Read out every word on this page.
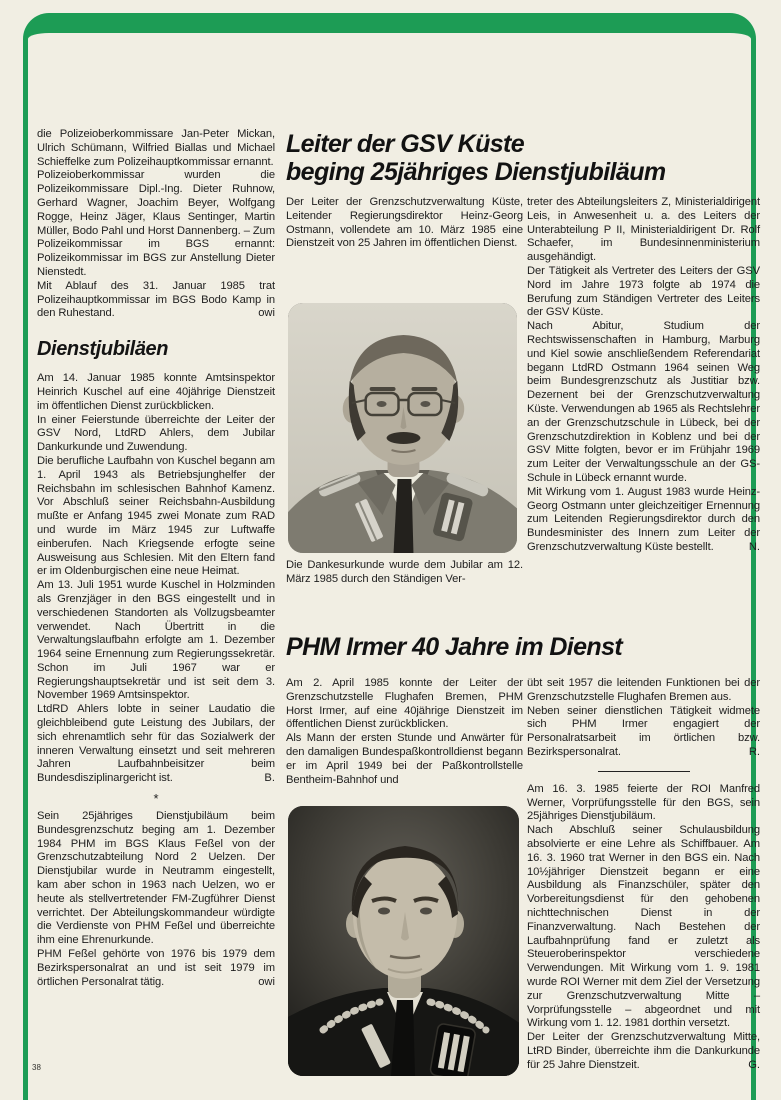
die Polizeioberkommissare Jan-Peter Mickan, Ulrich Schümann, Wilfried Biallas und Michael Schieffelke zum Polizeihauptkommissar ernannt.

Polizeioberkommissar wurden die Polizeikommissare Dipl.-Ing. Dieter Ruhnow, Gerhard Wagner, Joachim Beyer, Wolfgang Rogge, Heinz Jäger, Klaus Sentinger, Martin Müller, Bodo Pahl und Horst Dannenberg. – Zum Polizeikommissar im BGS ernannt: Polizeikommissar im BGS zur Anstellung Dieter Nienstedt.

Mit Ablauf des 31. Januar 1985 trat Polizeihauptkommissar im BGS Bodo Kamp in den Ruhestand.	owi
Dienstjubiläen

Am 14. Januar 1985 konnte Amtsinspektor Heinrich Kuschel auf eine 40jährige Dienstzeit im öffentlichen Dienst zurückblicken.

In einer Feierstunde überreichte der Leiter der GSV Nord, LtdRD Ahlers, dem Jubilar Dankurkunde und Zuwendung.

Die berufliche Laufbahn von Kuschel begann am 1. April 1943 als Betriebsjunghelfer der Reichsbahn im schlesischen Bahnhof Kamenz. Vor Abschluß seiner Reichsbahn-Ausbildung mußte er Anfang 1945 zwei Monate zum RAD und wurde im März 1945 zur Luftwaffe einberufen. Nach Kriegsende erfogte seine Ausweisung aus Schlesien. Mit den Eltern fand er im Oldenburgischen eine neue Heimat.

Am 13. Juli 1951 wurde Kuschel in Holzminden als Grenzjäger in den BGS eingestellt und in verschiedenen Standorten als Vollzugsbeamter verwendet. Nach Übertritt in die Verwaltungslaufbahn erfolgte am 1. Dezember 1964 seine Ernennung zum Regierungssekretär. Schon im Juli 1967 war er Regierungshauptsekretär und ist seit dem 3. November 1969 Amtsinspektor.

LtdRD Ahlers lobte in seiner Laudatio die gleichbleibend gute Leistung des Jubilars, der sich ehrenamtlich sehr für das Sozialwerk der inneren Verwaltung einsetzt und seit mehreren Jahren Laufbahnbeisitzer beim Bundesdisziplinargericht ist.	B.
*

Sein 25jähriges Dienstjubiläum beim Bundesgrenzschutz beging am 1. Dezember 1984 PHM im BGS Klaus Feßel von der Grenzschutzabteilung Nord 2 Uelzen. Der Dienstjubilar wurde in Neutramm eingestellt, kam aber schon in 1963 nach Uelzen, wo er heute als stellvertretender FM-Zugführer Dienst verrichtet. Der Abteilungskommandeur würdigte die Verdienste von PHM Feßel und überreichte ihm eine Ehrenurkunde.

PHM Feßel gehörte von 1976 bis 1979 dem Bezirkspersonalrat an und ist seit 1979 im örtlichen Personalrat tätig.	owi
Leiter der GSV Küste
beging 25jähriges Dienstjubiläum

Der Leiter der Grenzschutzverwaltung Küste, Leitender Regierungsdirektor Heinz-Georg Ostmann, vollendete am 10. März 1985 eine Dienstzeit von 25 Jahren im öffentlichen Dienst.

Die Dankesurkunde wurde dem Jubilar am 12. März 1985 durch den Ständigen Ver-

treter des Abteilungsleiters Z, Ministerialdirigent Leis, in Anwesenheit u. a. des Leiters der Unterabteilung P II, Ministerialdirigent Dr. Rolf Schaefer, im Bundesinnenministerium ausgehändigt.

Der Tätigkeit als Vertreter des Leiters der GSV Nord im Jahre 1973 folgte ab 1974 die Berufung zum Ständigen Vertreter des Leiters der GSV Küste.

Nach Abitur, Studium der Rechtswissenschaften in Hamburg, Marburg und Kiel sowie anschließendem Referendariat begann LtdRD Ostmann 1964 seinen Weg beim Bundesgrenzschutz als Justitiar bzw. Dezernent bei der Grenzschutzverwaltung Küste. Verwendungen ab 1965 als Rechtslehrer an der Grenzschutzschule in Lübeck, bei der Grenzschutzdirektion in Koblenz und bei der GSV Mitte folgten, bevor er im Frühjahr 1969 zum Leiter der Verwaltungsschule an der GS-Schule in Lübeck ernannt wurde.

Mit Wirkung vom 1. August 1983 wurde Heinz-Georg Ostmann unter gleichzeitiger Ernennung zum Leitenden Regierungsdirektor durch den Bundesminister des Innern zum Leiter der Grenzschutzverwaltung Küste bestellt.	N.
PHM Irmer 40 Jahre im Dienst

Am 2. April 1985 konnte der Leiter der Grenzschutzstelle Flughafen Bremen, PHM Horst Irmer, auf eine 40jährige Dienstzeit im öffentlichen Dienst zurückblicken.

Als Mann der ersten Stunde und Anwärter für den damaligen Bundespaßkontrolldienst begann er im April 1949 bei der Paßkontrollstelle Bentheim-Bahnhof und

übt seit 1957 die leitenden Funktionen bei der Grenzschutzstelle Flughafen Bremen aus.

Neben seiner dienstlichen Tätigkeit widmete sich PHM Irmer engagiert der Personalratsarbeit im örtlichen bzw. Bezirkspersonalrat.	R.

Am 16. 3. 1985 feierte der ROI Manfred Werner, Vorprüfungsstelle für den BGS, sein 25jähriges Dienstjubiläum.

Nach Abschluß seiner Schulausbildung absolvierte er eine Lehre als Schiffbauer. Am 16. 3. 1960 trat Werner in den BGS ein. Nach 10½jähriger Dienstzeit begann er eine Ausbildung als Finanzschüler, später den Vorbereitungsdienst für den gehobenen nichttechnischen Dienst in der Finanzverwaltung. Nach Bestehen der Laufbahnprüfung fand er zuletzt als Steueroberinspektor verschiedene Verwendungen. Mit Wirkung vom 1. 9. 1981 wurde ROI Werner mit dem Ziel der Versetzung zur Grenzschutzverwaltung Mitte – Vorprüfungsstelle – abgeordnet und mit Wirkung vom 1. 12. 1981 dorthin versetzt.

Der Leiter der Grenzschutzverwaltung Mitte, LtRD Binder, überreichte ihm die Dankurkunde für 25 Jahre Dienstzeit.	G.
38
